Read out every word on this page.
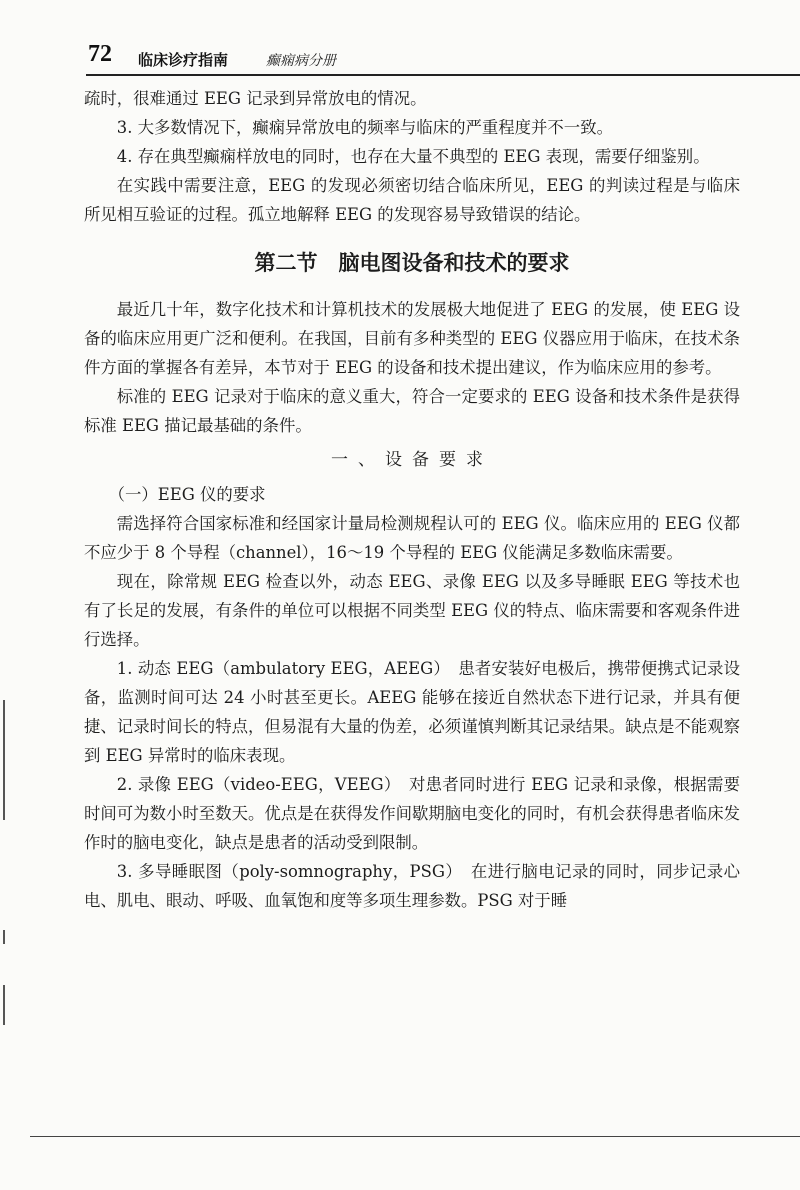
72 临床诊疗指南	癫痫病分册

疏时，很难通过 EEG 记录到异常放电的情况。

3. 大多数情况下，癫痫异常放电的频率与临床的严重程度并不一致。

4. 存在典型癫痫样放电的同时，也存在大量不典型的 EEG 表现，需要仔细鉴别。

在实践中需要注意，EEG 的发现必须密切结合临床所见，EEG 的判读过程是与临床所见相互验证的过程。孤立地解释 EEG 的发现容易导致错误的结论。

第二节　脑电图设备和技术的要求

最近几十年，数字化技术和计算机技术的发展极大地促进了 EEG 的发展，使 EEG 设备的临床应用更广泛和便利。在我国，目前有多种类型的 EEG 仪器应用于临床，在技术条件方面的掌握各有差异，本节对于 EEG 的设备和技术提出建议，作为临床应用的参考。

标准的 EEG 记录对于临床的意义重大，符合一定要求的 EEG 设备和技术条件是获得标准 EEG 描记最基础的条件。

一、设备要求

（一）EEG 仪的要求

需选择符合国家标准和经国家计量局检测规程认可的 EEG 仪。临床应用的 EEG 仪都不应少于 8 个导程（channel），16～19 个导程的 EEG 仪能满足多数临床需要。

现在，除常规 EEG 检查以外，动态 EEG、录像 EEG 以及多导睡眠 EEG 等技术也有了长足的发展，有条件的单位可以根据不同类型 EEG 仪的特点、临床需要和客观条件进行选择。

1. 动态 EEG（ambulatory EEG，AEEG）　患者安装好电极后，携带便携式记录设备，监测时间可达 24 小时甚至更长。AEEG 能够在接近自然状态下进行记录，并具有便捷、记录时间长的特点，但易混有大量的伪差，必须谨慎判断其记录结果。缺点是不能观察到 EEG 异常时的临床表现。

2. 录像 EEG（video-EEG，VEEG）　对患者同时进行 EEG 记录和录像，根据需要时间可为数小时至数天。优点是在获得发作间歇期脑电变化的同时，有机会获得患者临床发作时的脑电变化，缺点是患者的活动受到限制。

3. 多导睡眠图（poly-somnography，PSG）　在进行脑电记录的同时，同步记录心电、肌电、眼动、呼吸、血氧饱和度等多项生理参数。PSG 对于睡
